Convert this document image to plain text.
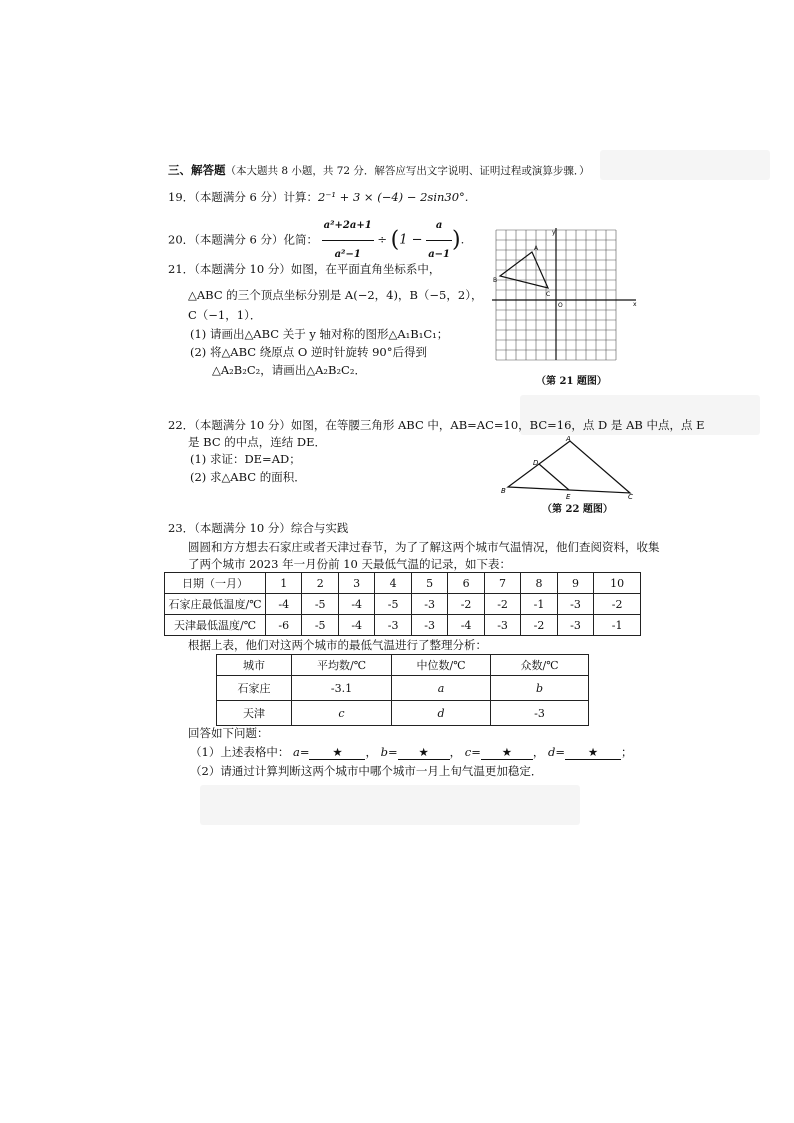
三、解答题（本大题共 8 小题，共 72 分．解答应写出文字说明、证明过程或演算步骤．）
19．（本题满分 6 分）计算：2⁻¹ + 3 × (−4) − 2sin30°.
20．（本题满分 6 分）化简： $\frac{\text{a²+2a+1}}{\text{a²−1}} \div (1 - \frac{a}{a-1}$ ).
21．（本题满分 10 分）如图，在平面直角坐标系中，
△ABC 的三个顶点坐标分别是 A(−2，4)，B（−5，2），
C（−1，1）．
(1) 请画出△ABC 关于 y 轴对称的图形△A₁B₁C₁；
(2) 将△ABC 绕原点 O 逆时针旋转 90°后得到
△A₂B₂C₂，请画出△A₂B₂C₂．
A
B
C
O	x
y
（第 21 题图）
22．（本题满分 10 分）如图，在等腰三角形 ABC 中，AB=AC=10，BC=16，点 D 是 AB 中点，点 E
是 BC 的中点，连结 DE．
(1) 求证：DE=AD；
(2) 求△ABC 的面积．
A
B
C
D
E
（第 22 题图）
23．（本题满分 10 分）综合与实践
圆圆和方方想去石家庄或者天津过春节，为了了解这两个城市气温情况，他们查阅资料，收集
了两个城市 2023 年一月份前 10 天最低气温的记录，如下表：
日期（一月）	1	2	3	4	5	6	7	8	9	10
石家庄最低温度/℃	-4	-5	-4	-5	-3	-2	-2	-1	-3	-2
天津最低温度/℃	-6	-5	-4	-3	-3	-4	-3	-2	-3	-1
根据上表，他们对这两个城市的最低气温进行了整理分析：
城市	平均数/℃	中位数/℃	众数/℃
石家庄	-3.1	a	b
天津	c	d	-3
回答如下问题：
（1）上述表格中： a= ★ ， b= ★ ， c= ★ ， d= ★ ；
（2）请通过计算判断这两个城市中哪个城市一月上旬气温更加稳定．
